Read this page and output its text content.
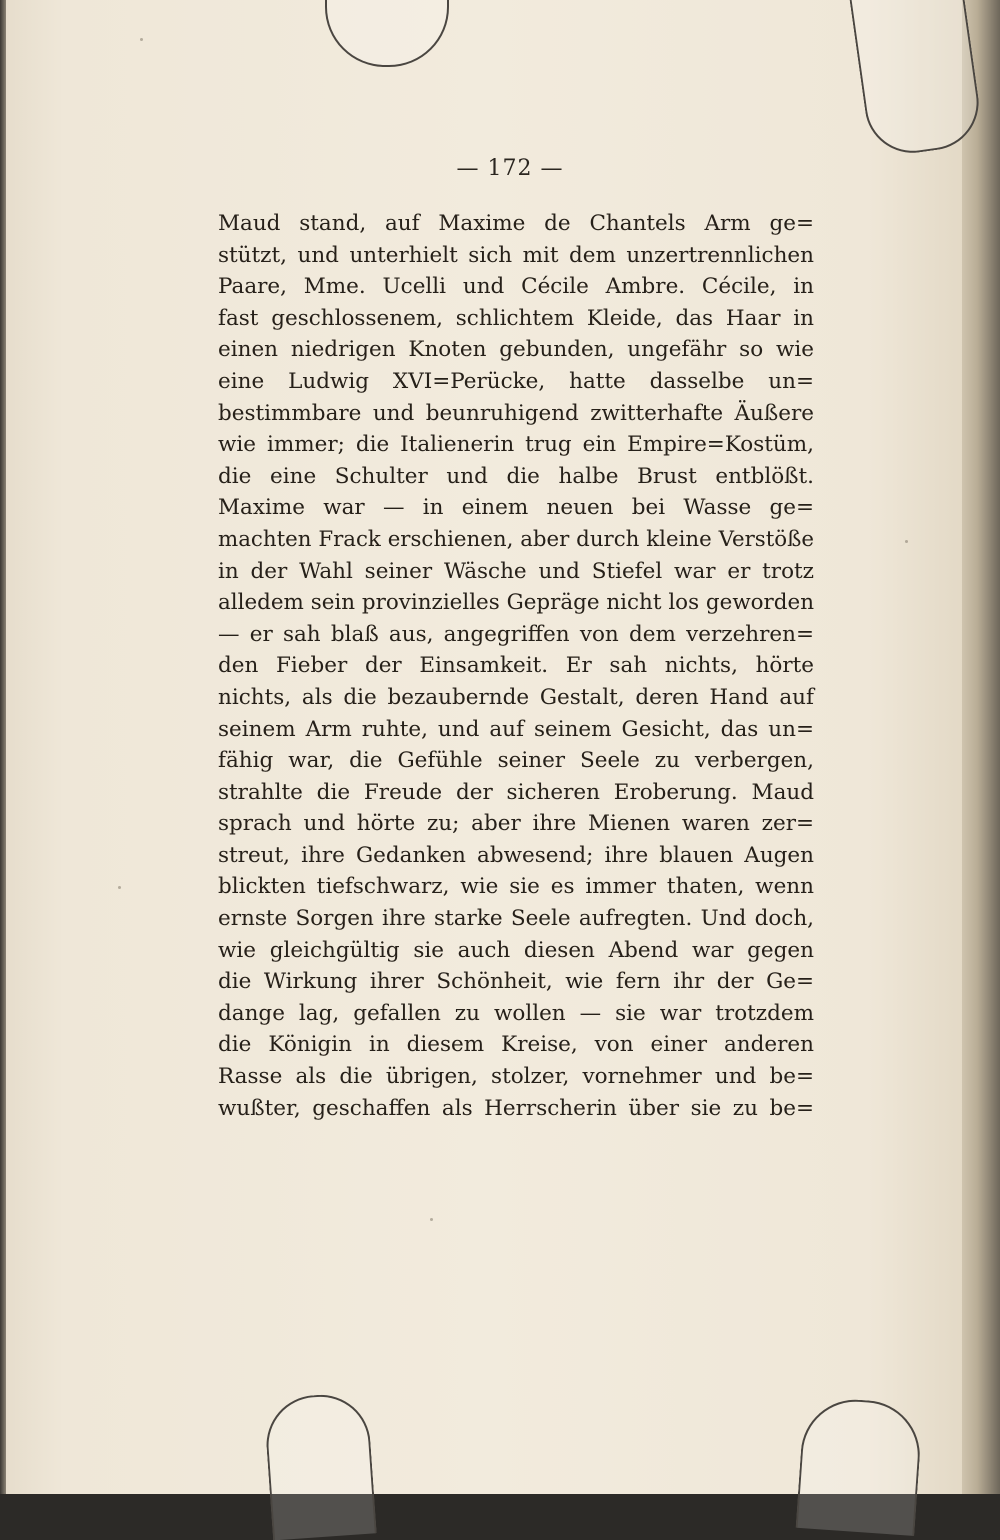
— 172 —
Maud stand, auf Maxime de Chantels Arm ge=
stützt, und unterhielt sich mit dem unzertrennlichen
Paare, Mme. Ucelli und Cécile Ambre. Cécile, in
fast geschlossenem, schlichtem Kleide, das Haar in
einen niedrigen Knoten gebunden, ungefähr so wie
eine Ludwig XVI=Perücke, hatte dasselbe un=
bestimmbare und beunruhigend zwitterhafte Äußere
wie immer; die Italienerin trug ein Empire=Kostüm,
die eine Schulter und die halbe Brust entblößt.
Maxime war — in einem neuen bei Wasse ge=
machten Frack erschienen, aber durch kleine Verstöße
in der Wahl seiner Wäsche und Stiefel war er trotz
alledem sein provinzielles Gepräge nicht los geworden
— er sah blaß aus, angegriffen von dem verzehren=
den Fieber der Einsamkeit. Er sah nichts, hörte
nichts, als die bezaubernde Gestalt, deren Hand auf
seinem Arm ruhte, und auf seinem Gesicht, das un=
fähig war, die Gefühle seiner Seele zu verbergen,
strahlte die Freude der sicheren Eroberung. Maud
sprach und hörte zu; aber ihre Mienen waren zer=
streut, ihre Gedanken abwesend; ihre blauen Augen
blickten tiefschwarz, wie sie es immer thaten, wenn
ernste Sorgen ihre starke Seele aufregten. Und doch,
wie gleichgültig sie auch diesen Abend war gegen
die Wirkung ihrer Schönheit, wie fern ihr der Ge=
dange lag, gefallen zu wollen — sie war trotzdem
die Königin in diesem Kreise, von einer anderen
Rasse als die übrigen, stolzer, vornehmer und be=
wußter, geschaffen als Herrscherin über sie zu be=
